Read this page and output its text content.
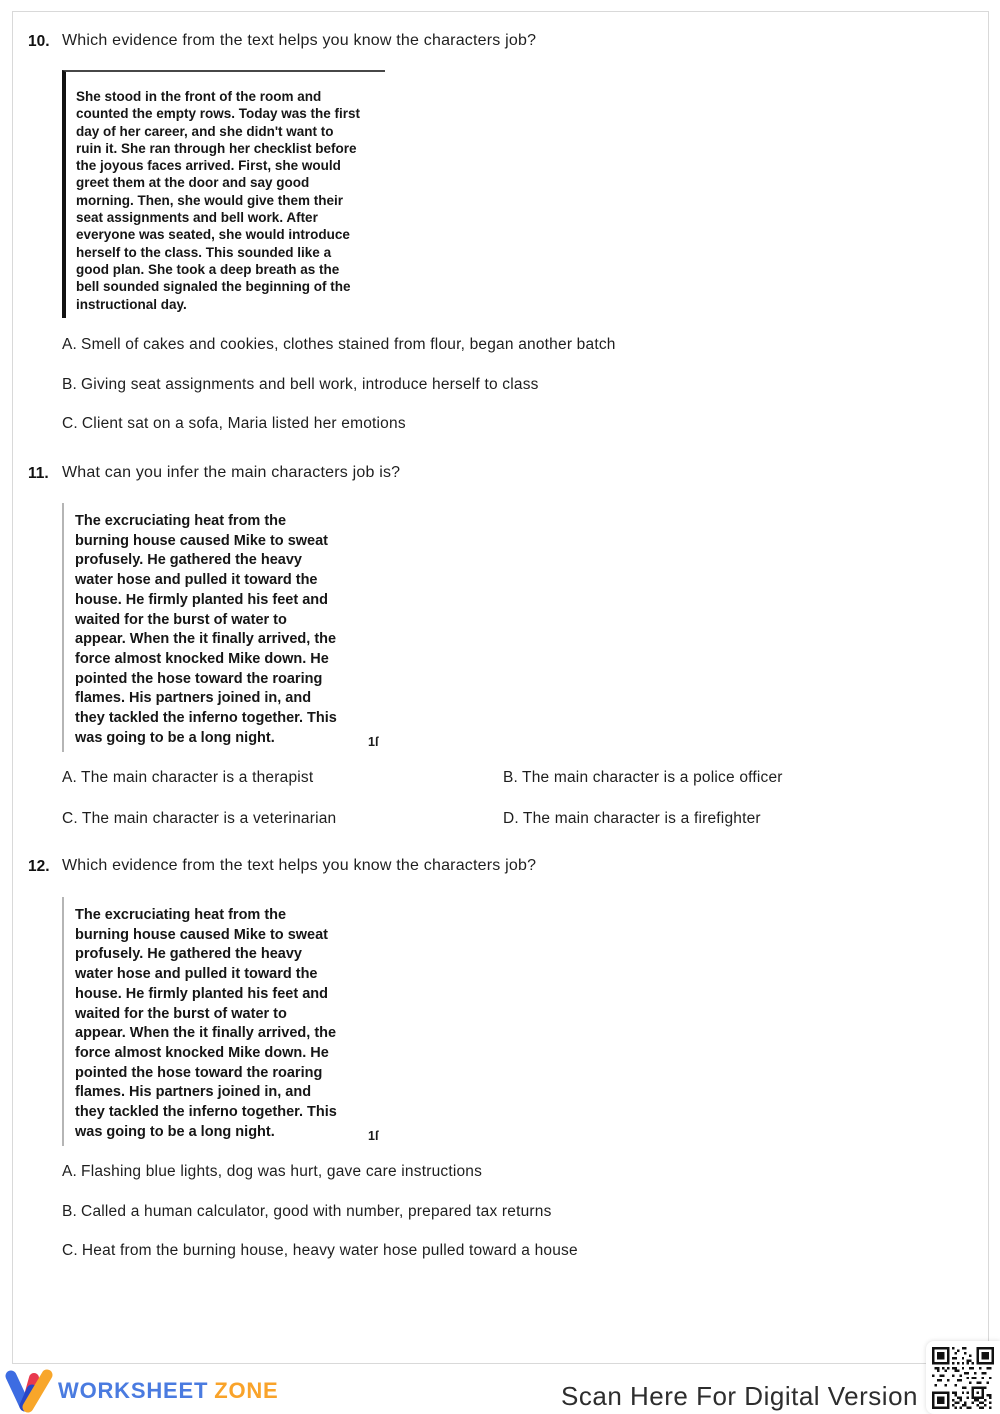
10. Which evidence from the text helps you know the characters job?
She stood in the front of the room and
counted the empty rows. Today was the first
day of her career, and she didn't want to
ruin it. She ran through her checklist before
the joyous faces arrived. First, she would
greet them at the door and say good
morning. Then, she would give them their
seat assignments and bell work. After
everyone was seated, she would introduce
herself to the class. This sounded like a
good plan. She took a deep breath as the
bell sounded signaled the beginning of the
instructional day.
A. Smell of cakes and cookies, clothes stained from flour, began another batch
B. Giving seat assignments and bell work, introduce herself to class
C. Client sat on a sofa, Maria listed her emotions
11. What can you infer the main characters job is?
The excruciating heat from the
burning house caused Mike to sweat
profusely. He gathered the heavy
water hose and pulled it toward the
house. He firmly planted his feet and
waited for the burst of water to
appear. When the it finally arrived, the
force almost knocked Mike down. He
pointed the hose toward the roaring
flames. His partners joined in, and
they tackled the inferno together. This
was going to be a long night.	1ſ
A. The main character is a therapist	B. The main character is a police officer
C. The main character is a veterinarian	D. The main character is a firefighter
12. Which evidence from the text helps you know the characters job?
The excruciating heat from the
burning house caused Mike to sweat
profusely. He gathered the heavy
water hose and pulled it toward the
house. He firmly planted his feet and
waited for the burst of water to
appear. When the it finally arrived, the
force almost knocked Mike down. He
pointed the hose toward the roaring
flames. His partners joined in, and
they tackled the inferno together. This
was going to be a long night.	1ſ
A. Flashing blue lights, dog was hurt, gave care instructions
B. Called a human calculator, good with number, prepared tax returns
C. Heat from the burning house, heavy water hose pulled toward a house
WORKSHEET ZONE	Scan Here For Digital Version
